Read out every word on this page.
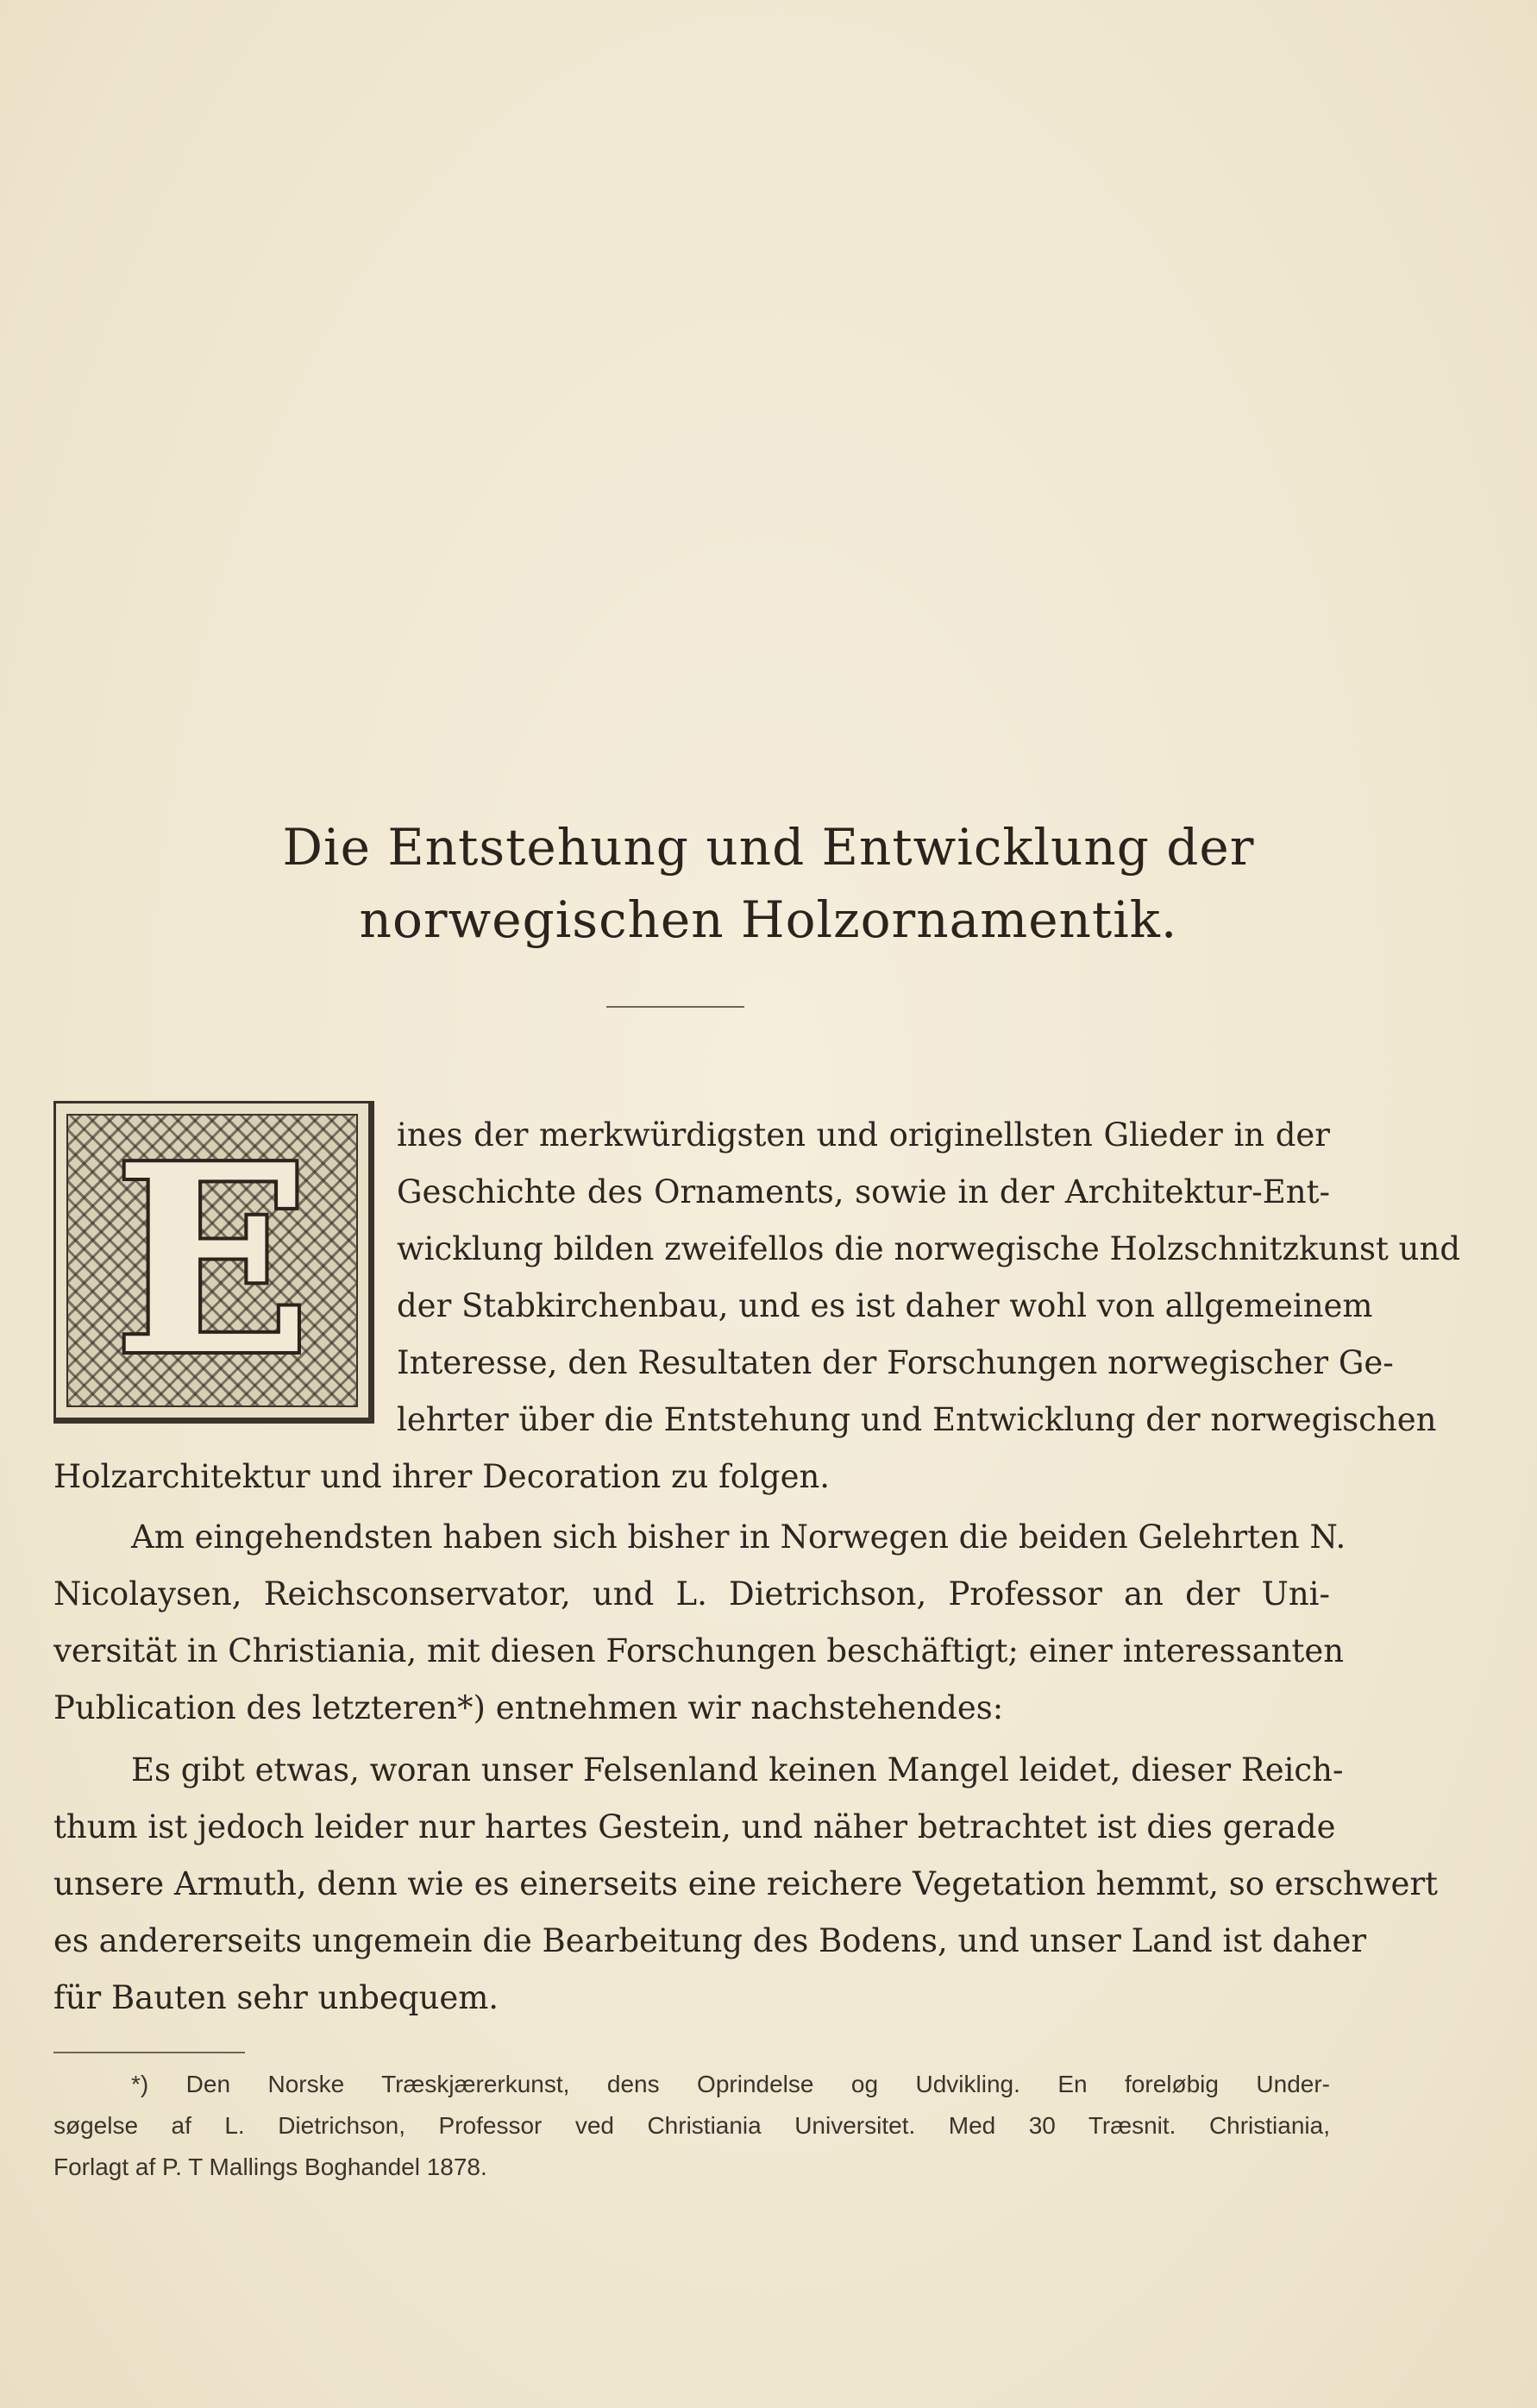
Die Entstehung und Entwicklung der
norwegischen Holzornamentik.
E	ines der merkwürdigsten und originellsten Glieder in der
Geschichte des Ornaments, sowie in der Architektur-Ent-
wicklung bilden zweifellos die norwegische Holzschnitzkunst und
der Stabkirchenbau, und es ist daher wohl von allgemeinem
Interesse, den Resultaten der Forschungen norwegischer Ge-
lehrter über die Entstehung und Entwicklung der norwegischen
Holzarchitektur und ihrer Decoration zu folgen.
Am eingehendsten haben sich bisher in Norwegen die beiden Gelehrten N.
Nicolaysen, Reichsconservator, und L. Dietrichson, Professor an der Uni-
versität in Christiania, mit diesen Forschungen beschäftigt; einer interessanten
Publication des letzteren*) entnehmen wir nachstehendes:
Es gibt etwas, woran unser Felsenland keinen Mangel leidet, dieser Reich-
thum ist jedoch leider nur hartes Gestein, und näher betrachtet ist dies gerade
unsere Armuth, denn wie es einerseits eine reichere Vegetation hemmt, so erschwert
es andererseits ungemein die Bearbeitung des Bodens, und unser Land ist daher
für Bauten sehr unbequem.
*) Den Norske Træskjærerkunst, dens Oprindelse og Udvikling. En foreløbig Under-
søgelse af L. Dietrichson, Professor ved Christiania Universitet. Med 30 Træsnit. Christiania,
Forlagt af P. T Mallings Boghandel 1878.
